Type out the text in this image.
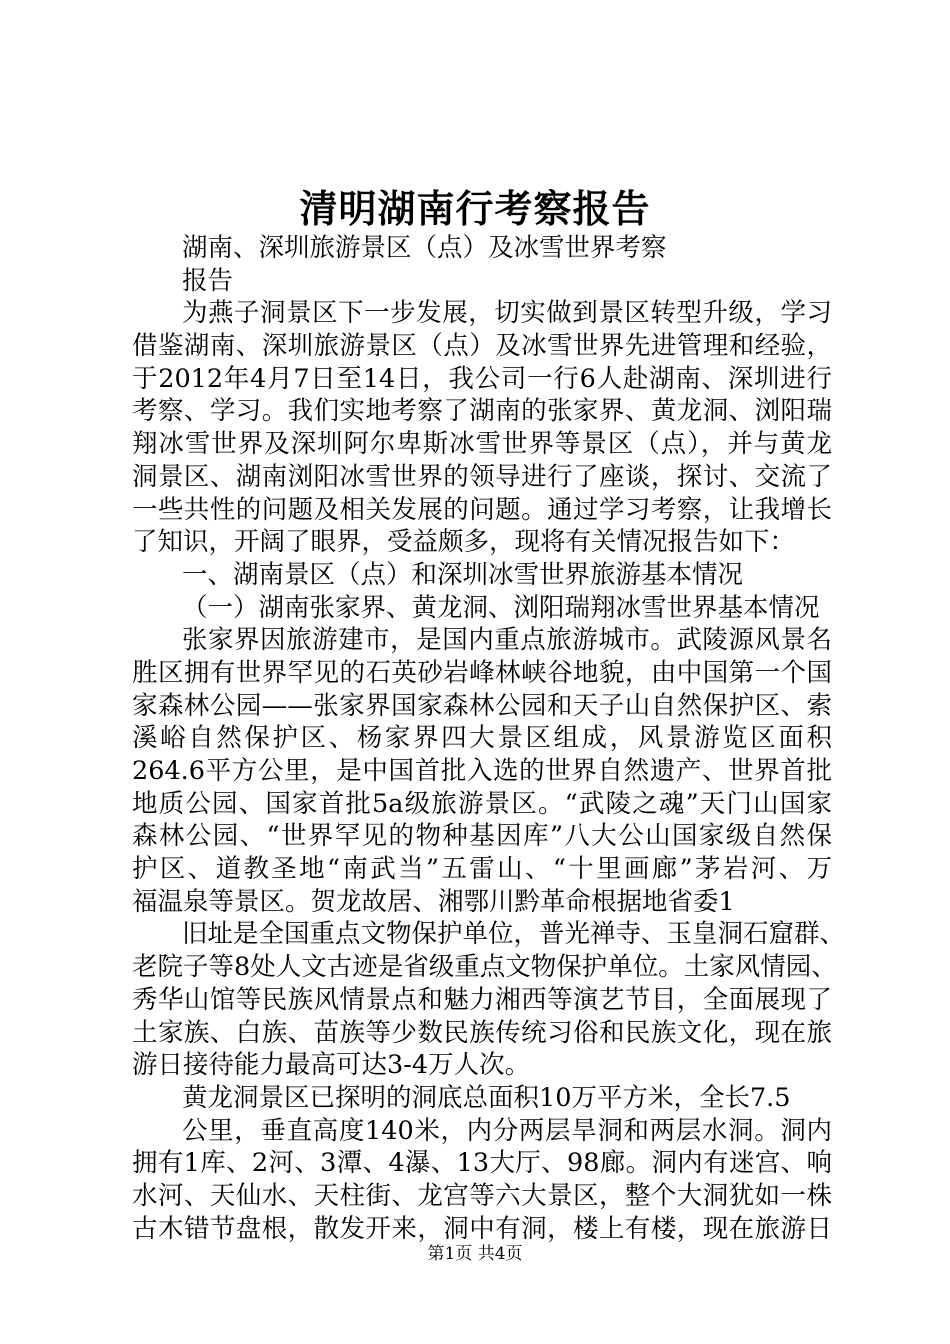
清明湖南行考察报告
湖南、深圳旅游景区（点）及冰雪世界考察
报告
为燕子洞景区下一步发展，切实做到景区转型升级，学习
借鉴湖南、深圳旅游景区（点）及冰雪世界先进管理和经验，
于2012年4月7日至14日，我公司一行6人赴湖南、深圳进行
考察、学习。我们实地考察了湖南的张家界、黄龙洞、浏阳瑞
翔冰雪世界及深圳阿尔卑斯冰雪世界等景区（点），并与黄龙
洞景区、湖南浏阳冰雪世界的领导进行了座谈，探讨、交流了
一些共性的问题及相关发展的问题。通过学习考察，让我增长
了知识，开阔了眼界，受益颇多，现将有关情况报告如下：
一、湖南景区（点）和深圳冰雪世界旅游基本情况
（一）湖南张家界、黄龙洞、浏阳瑞翔冰雪世界基本情况
张家界因旅游建市，是国内重点旅游城市。武陵源风景名
胜区拥有世界罕见的石英砂岩峰林峡谷地貌，由中国第一个国
家森林公园——张家界国家森林公园和天子山自然保护区、索
溪峪自然保护区、杨家界四大景区组成，风景游览区面积
264.6平方公里，是中国首批入选的世界自然遗产、世界首批
地质公园、国家首批5a级旅游景区。“武陵之魂”天门山国家
森林公园、“世界罕见的物种基因库”八大公山国家级自然保
护区、道教圣地“南武当”五雷山、“十里画廊”茅岩河、万
福温泉等景区。贺龙故居、湘鄂川黔革命根据地省委1
旧址是全国重点文物保护单位，普光禅寺、玉皇洞石窟群、
老院子等8处人文古迹是省级重点文物保护单位。土家风情园、
秀华山馆等民族风情景点和魅力湘西等演艺节目，全面展现了
土家族、白族、苗族等少数民族传统习俗和民族文化，现在旅
游日接待能力最高可达3-4万人次。
黄龙洞景区已探明的洞底总面积10万平方米，全长7.5
公里，垂直高度140米，内分两层旱洞和两层水洞。洞内
拥有1库、2河、3潭、4瀑、13大厅、98廊。洞内有迷宫、响
水河、天仙水、天柱街、龙宫等六大景区，整个大洞犹如一株
古木错节盘根，散发开来，洞中有洞，楼上有楼，现在旅游日
第1页 共4页
